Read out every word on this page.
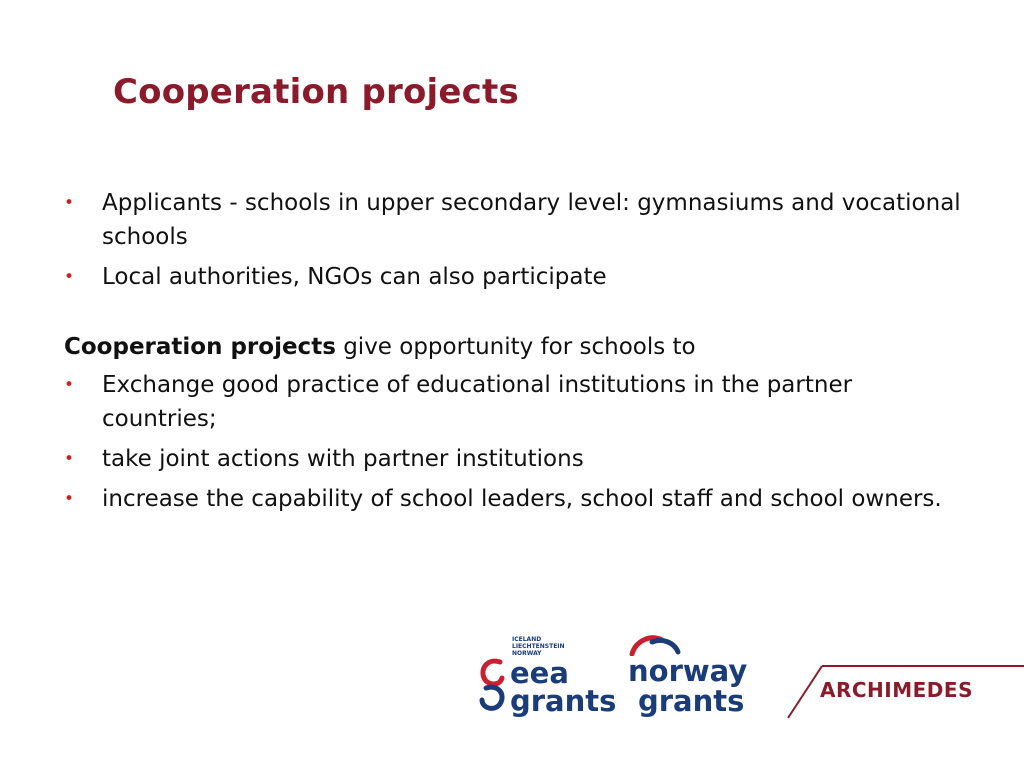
Cooperation projects
• Applicants - schools in upper secondary level: gymnasiums and vocational schools
• Local authorities, NGOs can also participate

Cooperation projects give opportunity for schools to

• Exchange good practice of educational institutions in the partner countries;
• take joint actions with partner institutions
• increase the capability of school leaders, school staff and school owners.
ICELAND
LIECHTENSTEIN
NORWAY
eea
grants
norway
grants	ARCHIMEDES
